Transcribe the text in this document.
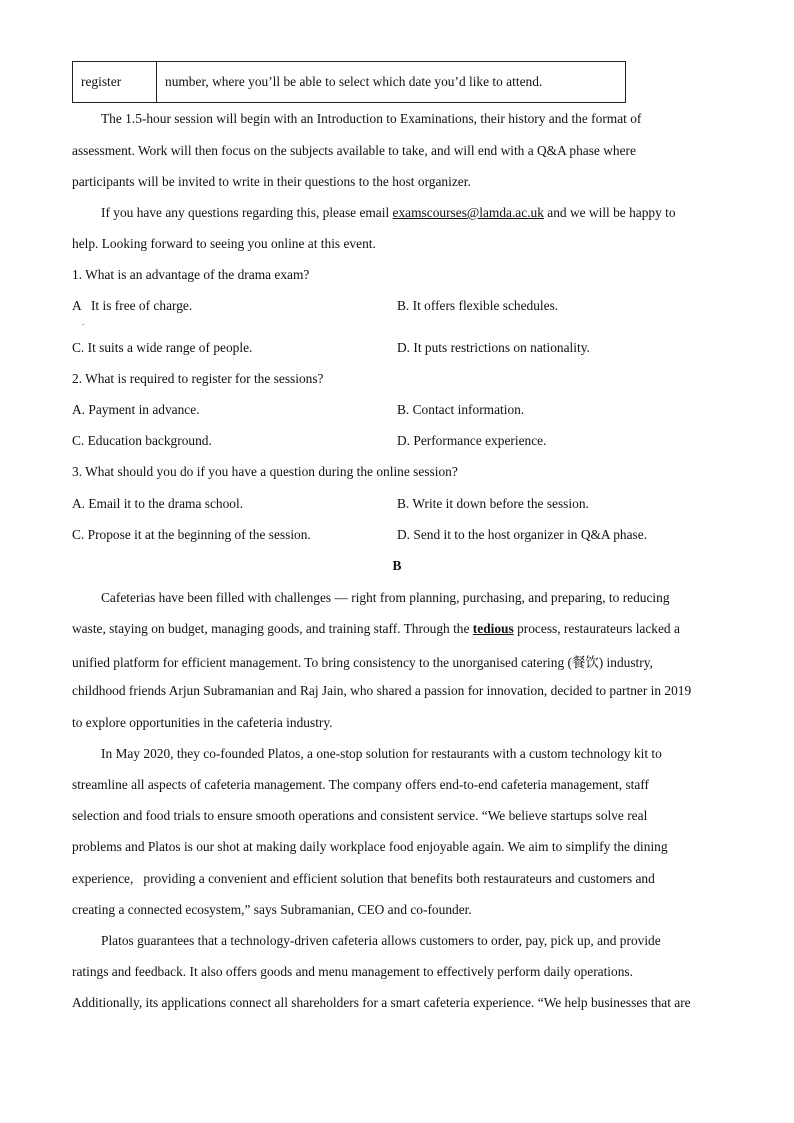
register	number, where you’ll be able to select which date you’d like to attend.
The 1.5-hour session will begin with an Introduction to Examinations, their history and the format of
assessment. Work will then focus on the subjects available to take, and will end with a Q&A phase where
participants will be invited to write in their questions to the host organizer.
If you have any questions regarding this, please email examscourses@lamda.ac.uk and we will be happy to
help. Looking forward to seeing you online at this event.
1. What is an advantage of the drama exam?
A   It is free of charge.
.
B. It offers flexible schedules.
C. It suits a wide range of people.	D. It puts restrictions on nationality.
2. What is required to register for the sessions?
A. Payment in advance.	B. Contact information.
C. Education background.	D. Performance experience.
3. What should you do if you have a question during the online session?
A. Email it to the drama school.	B. Write it down before the session.
C. Propose it at the beginning of the session.	D. Send it to the host organizer in Q&A phase.
B
Cafeterias have been filled with challenges — right from planning, purchasing, and preparing, to reducing
waste, staying on budget, managing goods, and training staff. Through the tedious process, restaurateurs lacked a
unified platform for efficient management. To bring consistency to the unorganised catering (餐饮) industry,
childhood friends Arjun Subramanian and Raj Jain, who shared a passion for innovation, decided to partner in 2019
to explore opportunities in the cafeteria industry.
In May 2020, they co-founded Platos, a one-stop solution for restaurants with a custom technology kit to
streamline all aspects of cafeteria management. The company offers end-to-end cafeteria management, staff
selection and food trials to ensure smooth operations and consistent service. “We believe startups solve real
problems and Platos is our shot at making daily workplace food enjoyable again. We aim to simplify the dining
experience,   providing a convenient and efficient solution that benefits both restaurateurs and customers and
creating a connected ecosystem,” says Subramanian, CEO and co-founder.
Platos guarantees that a technology-driven cafeteria allows customers to order, pay, pick up, and provide
ratings and feedback. It also offers goods and menu management to effectively perform daily operations.
Additionally, its applications connect all shareholders for a smart cafeteria experience. “We help businesses that are
